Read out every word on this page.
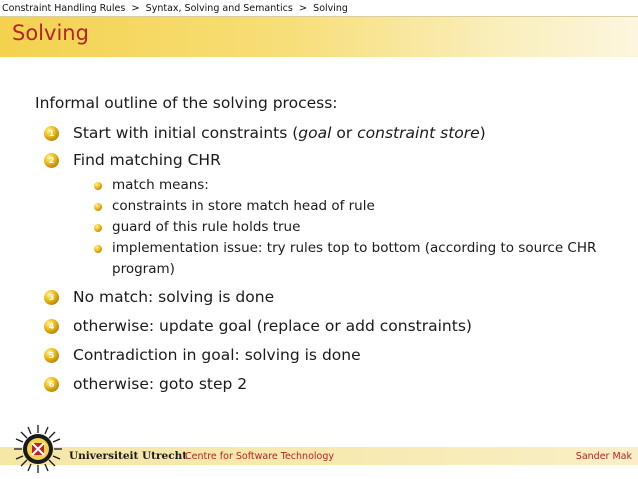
Constraint Handling Rules > Syntax, Solving and Semantics > Solving
Solving
Informal outline of the solving process:
1	Start with initial constraints (goal or constraint store)
2	Find matching CHR
match means:
constraints in store match head of rule
guard of this rule holds true
implementation issue: try rules top to bottom (according to source CHR program)
3	No match: solving is done
4	otherwise: update goal (replace or add constraints)
5	Contradiction in goal: solving is done
6	otherwise: goto step 2
Universiteit Utrecht
Centre for Software Technology	Sander Mak
